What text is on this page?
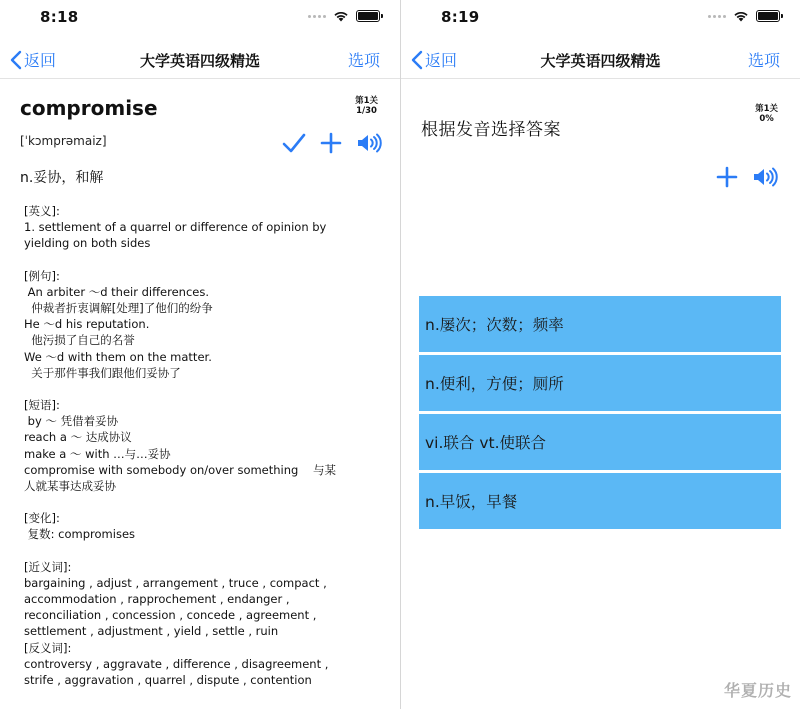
8:18
返回	大学英语四级精选	选项
compromise	第1关
1/30
[ˈkɔmprəmaiz]
n.妥协，和解

[英义]:

1. settlement of a quarrel or difference of opinion by

yielding on both sides

[例句]:

An arbiter ～d their differences.

仲裁者折衷调解[处理]了他们的纷争

He ～d his reputation.

他污损了自己的名誉

We ～d with them on the matter.

关于那件事我们跟他们妥协了

[短语]:

by ～ 凭借着妥协

reach a ～ 达成协议

make a ～ with …与…妥协

compromise with somebody on/over something    与某

人就某事达成妥协

[变化]:

复数: compromises

[近义词]:

bargaining , adjust , arrangement , truce , compact ,

accommodation , rapprochement , endanger ,

reconciliation , concession , concede , agreement ,

settlement , adjustment , yield , settle , ruin

[反义词]:

controversy , aggravate , difference , disagreement ,

strife , aggravation , quarrel , dispute , contention

8:19
返回	大学英语四级精选	选项
根据发音选择答案
第1关
0%
n.屡次；次数；频率
n.便利，方便；厕所
vi.联合 vt.使联合
n.早饭，早餐
华夏历史
